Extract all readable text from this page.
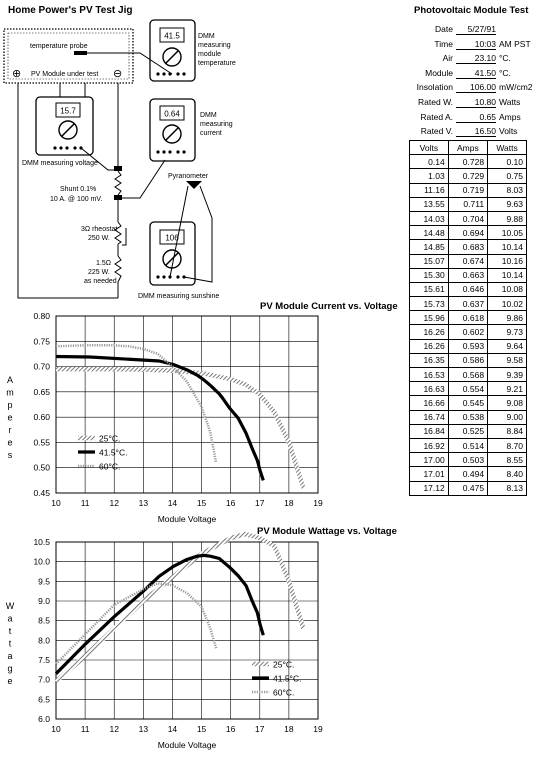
Home Power's PV Test Jig
temperature probe
⊕ PV Module under test ⊖
41.5	DMM
measuring
module
temperature
0.64	DMM
measuring
current
15.7
DMM measuring voltage
106
DMM measuring sunshine
Shunt 0.1%
10 A. @ 100 mV.
Pyranometer
3Ω rheostat
250 W.
1.5Ω
225 W.
as needed
PV Module Current vs. Voltage
10 11 12 13 14 15 16 17 18 19
0.45
0.50
0.55
0.60
0.65
0.70
0.75
0.80
Module Voltage
A m p e r e s
25°C.
41.5°C.
60°C.
PV Module Wattage vs. Voltage
10 11 12 13 14 15 16 17 18 19
6.0
6.5
7.0
7.5
8.0
8.5
9.0
9.5
10.0
10.5
Module Voltage
W a t t a g e
25°C.
41.5°C.
60°C.
Photovoltaic Module Test
Date 5/27/91
Time	10:03 AM PST
Air	23.10 °C.
Module	41.50 °C.
Insolation 106.00 mW/cm2
Rated W.	10.80 Watts
Rated A.	0.65 Amps
Rated V.	16.50 Volts
Volts	Amps	Watts
0.14	0.728	0.10
1.03	0.729	0.75
11.16	0.719	8.03
13.55	0.711	9.63
14.03	0.704	9.88
14.48	0.694	10.05
14.85	0.683	10.14
15.07	0.674	10.16
15.30	0.663	10.14
15.61	0.646	10.08
15.73	0.637	10.02
15.96	0.618	9.86
16.26	0.602	9.73
16.26	0.593	9.64
16.35	0.586	9.58
16.53	0.568	9.39
16.63	0.554	9.21
16.66	0.545	9.08
16.74	0.538	9.00
16.84	0.525	8.84
16.92	0.514	8.70
17.00	0.503	8.55
17.01	0.494	8.40
17.12	0.475	8.13
